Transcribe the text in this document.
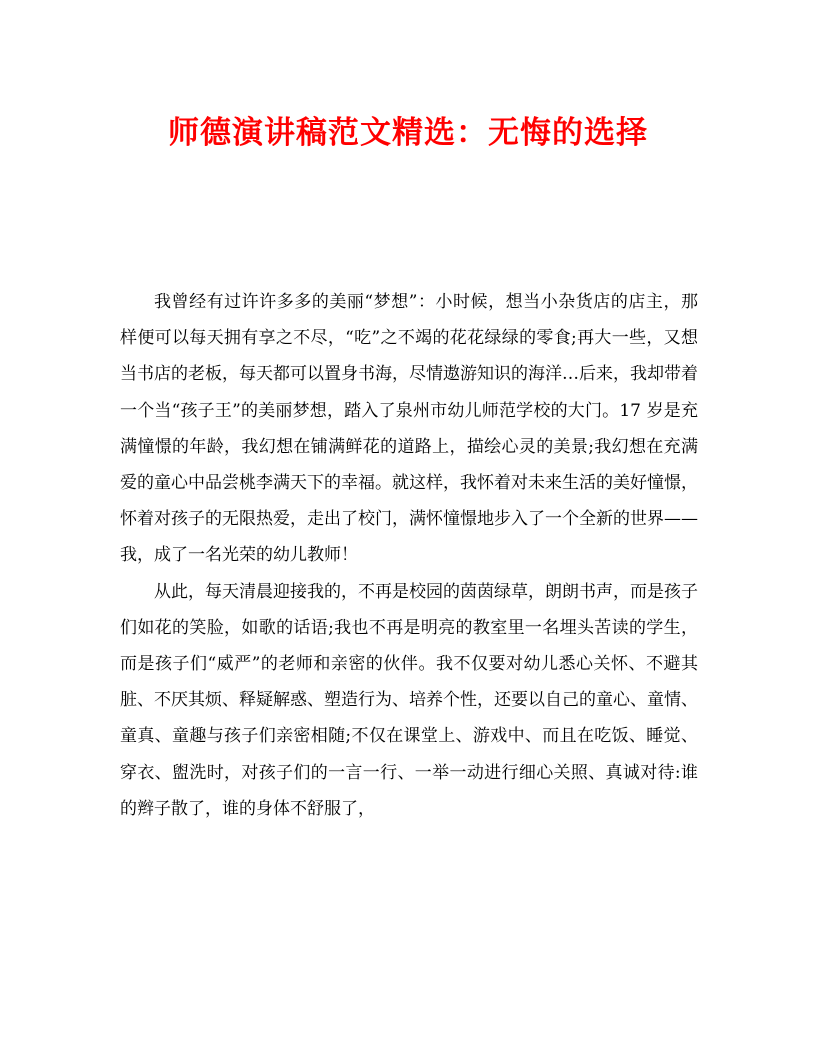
师德演讲稿范文精选：无悔的选择

我曾经有过许许多多的美丽“梦想”：小时候，想当小杂货店的店主，那样便可以每天拥有享之不尽，“吃”之不竭的花花绿绿的零食;再大一些，又想当书店的老板，每天都可以置身书海，尽情遨游知识的海洋…后来，我却带着一个当“孩子王”的美丽梦想，踏入了泉州市幼儿师范学校的大门。17 岁是充满憧憬的年龄，我幻想在铺满鲜花的道路上，描绘心灵的美景;我幻想在充满爱的童心中品尝桃李满天下的幸福。就这样，我怀着对未来生活的美好憧憬，怀着对孩子的无限热爱，走出了校门，满怀憧憬地步入了一个全新的世界——我，成了一名光荣的幼儿教师！

从此，每天清晨迎接我的，不再是校园的茵茵绿草，朗朗书声，而是孩子们如花的笑脸，如歌的话语;我也不再是明亮的教室里一名埋头苦读的学生，而是孩子们“威严”的老师和亲密的伙伴。我不仅要对幼儿悉心关怀、不避其脏、不厌其烦、释疑解惑、塑造行为、培养个性，还要以自己的童心、童情、童真、童趣与孩子们亲密相随;不仅在课堂上、游戏中、而且在吃饭、睡觉、穿衣、盥洗时，对孩子们的一言一行、一举一动进行细心关照、真诚对待:谁的辫子散了，谁的身体不舒服了，
